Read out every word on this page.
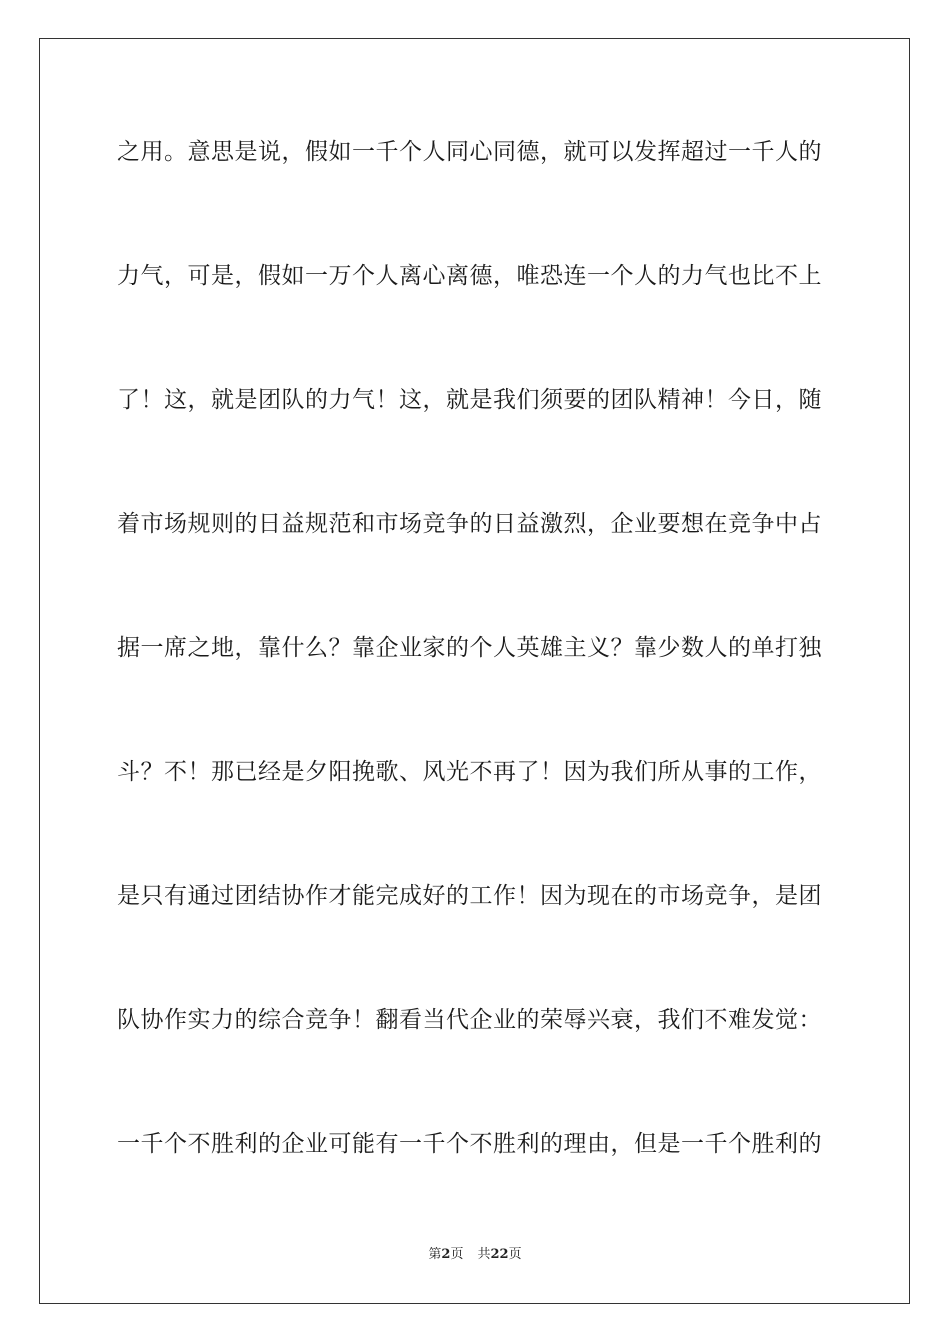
之用。意思是说，假如一千个人同心同德，就可以发挥超过一千人的
力气，可是，假如一万个人离心离德，唯恐连一个人的力气也比不上
了！这，就是团队的力气！这，就是我们须要的团队精神！今日，随
着市场规则的日益规范和市场竞争的日益激烈，企业要想在竞争中占
据一席之地，靠什么？靠企业家的个人英雄主义？靠少数人的单打独
斗？不！那已经是夕阳挽歌、风光不再了！因为我们所从事的工作，
是只有通过团结协作才能完成好的工作！因为现在的市场竞争，是团
队协作实力的综合竞争！翻看当代企业的荣辱兴衰，我们不难发觉：
一千个不胜利的企业可能有一千个不胜利的理由，但是一千个胜利的
第2页 共22页
